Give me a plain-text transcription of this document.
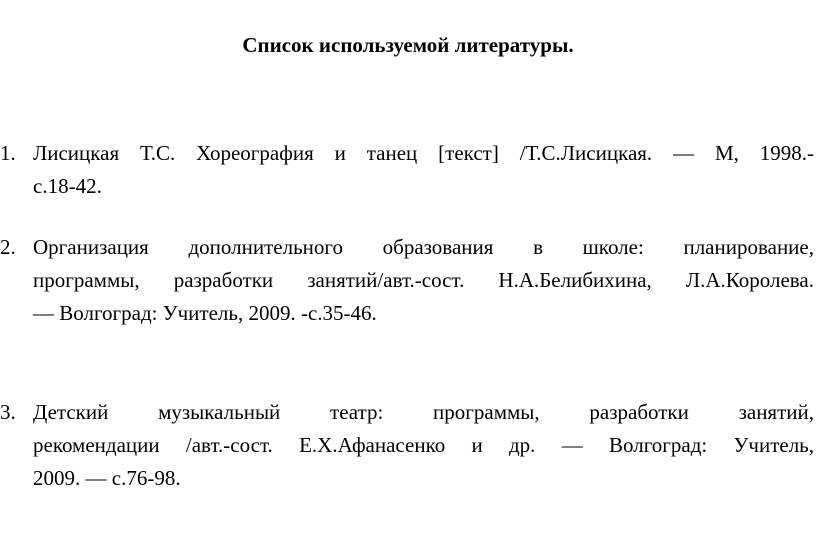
Список используемой литературы.
1. Лисицкая Т.С. Хореография и танец [текст] /Т.С.Лисицкая. — М, 1998.-
с.18-42.
2. Организация дополнительного образования в школе: планирование,
программы, разработки занятий/авт.-сост. Н.А.Белибихина, Л.А.Королева.
— Волгоград: Учитель, 2009. -с.35-46.
3. Детский музыкальный театр: программы, разработки занятий,
рекомендации /авт.-сост. Е.Х.Афанасенко и др. — Волгоград: Учитель,
2009. — с.76-98.
